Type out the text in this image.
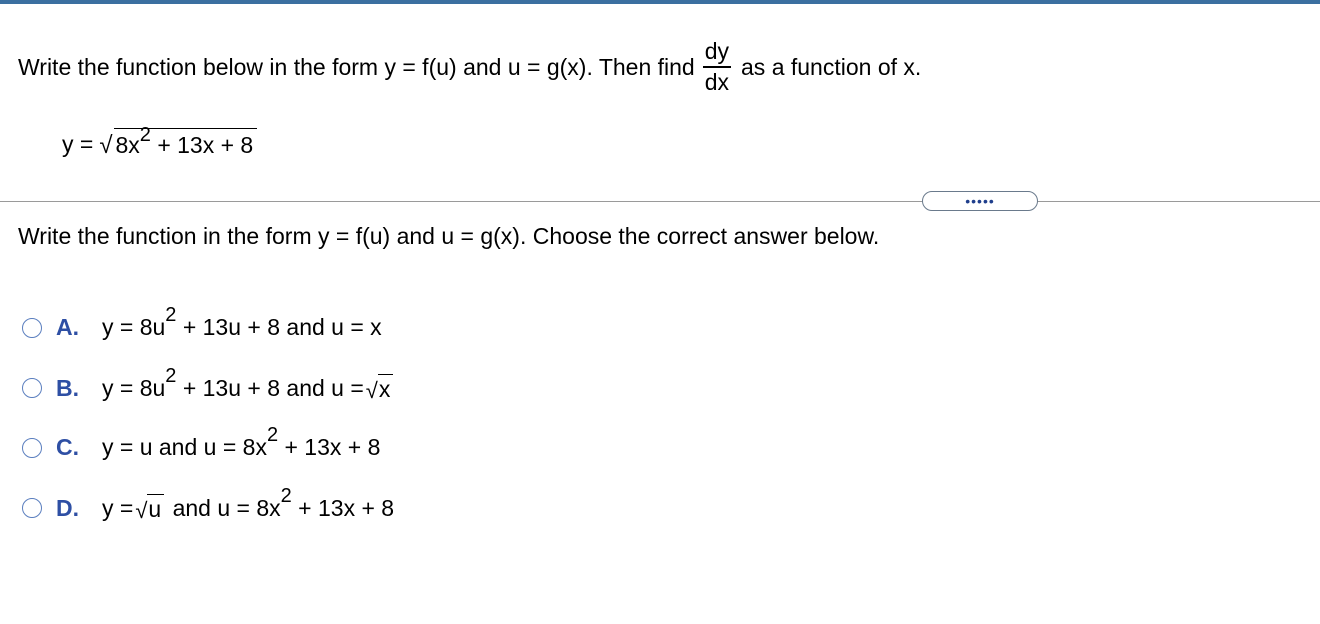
Write the function below in the form y = f(u) and u = g(x). Then find $\frac{dy}{dx}$ as a function of x.
y = √ 8x2 + 13x + 8
•••••
Write the function in the form y = f(u) and u = g(x). Choose the correct answer below.
A.	y = 8u 2
+ 13u + 8 and u = x
B.	y = 8u 2
+ 13u + 8 and u = √ x
C.	y = u and u = 8x 2
+ 13x + 8
D.	y = √ u
and u = 8x 2
+ 13x + 8
